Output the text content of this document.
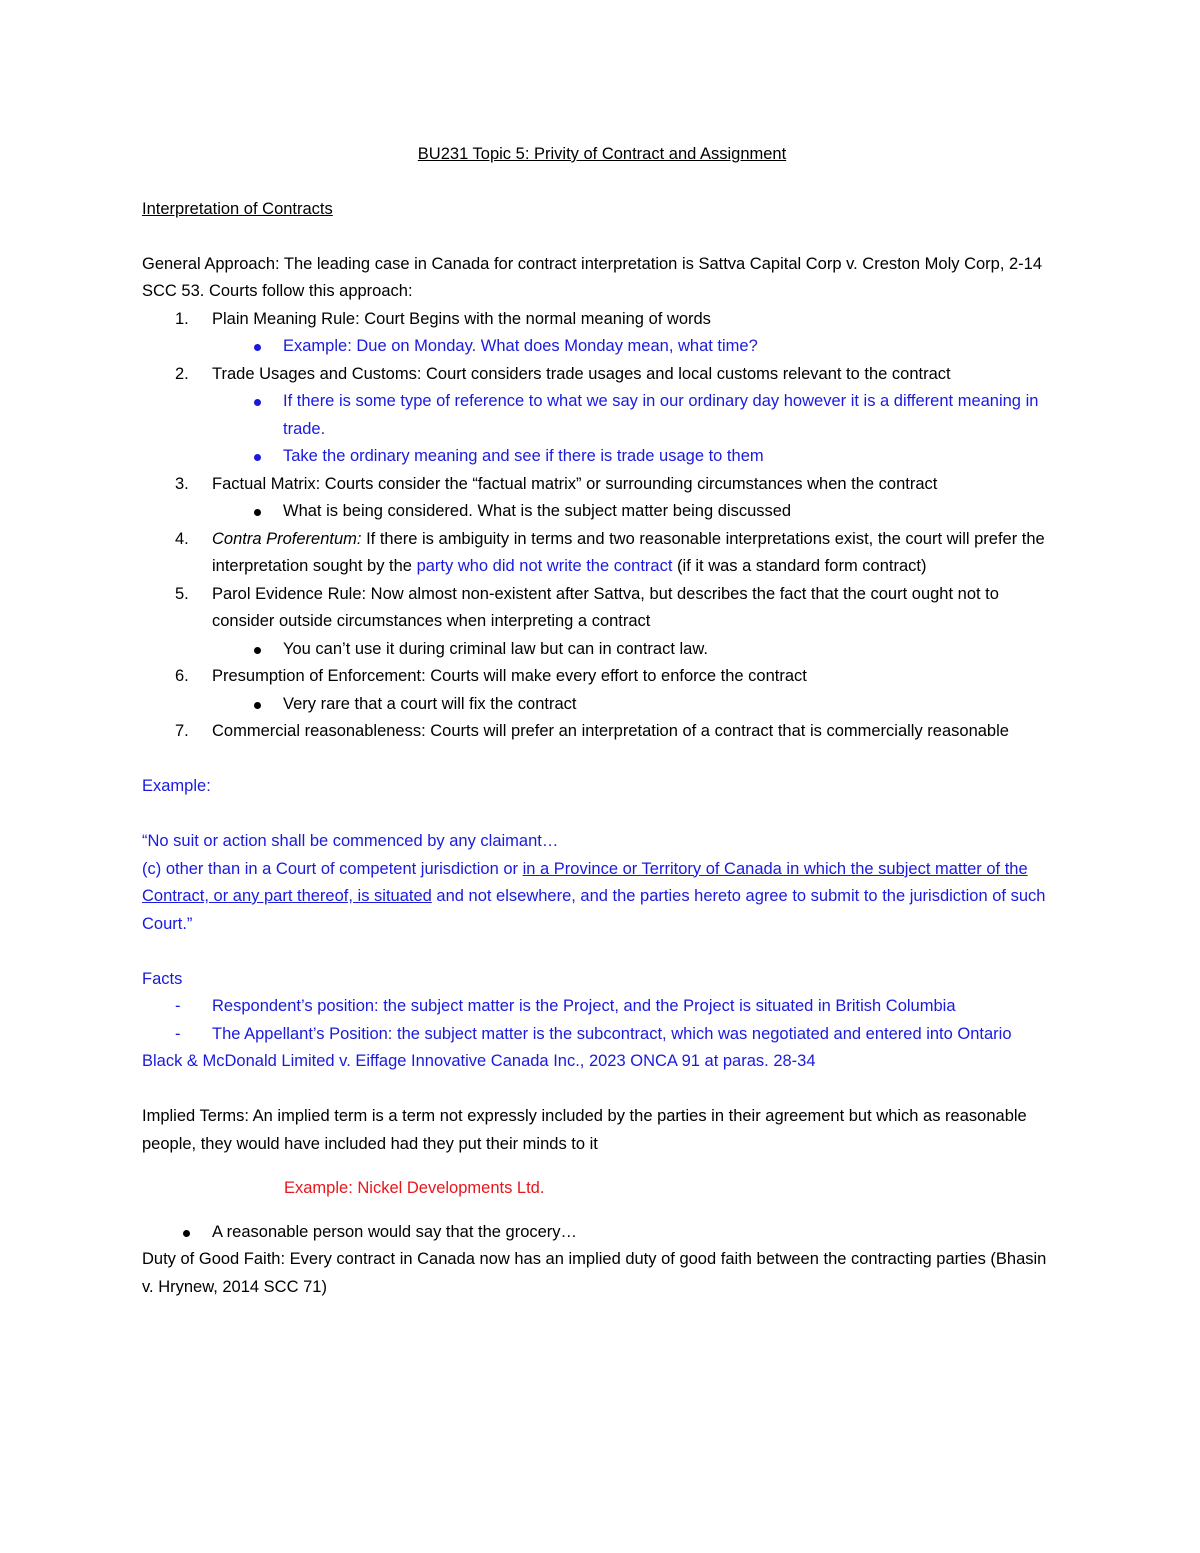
BU231 Topic 5: Privity of Contract and Assignment

Interpretation of Contracts

General Approach: The leading case in Canada for contract interpretation is Sattva Capital Corp v. Creston Moly Corp, 2-14 SCC 53. Courts follow this approach:

1. Plain Meaning Rule: Court Begins with the normal meaning of words
Example: Due on Monday. What does Monday mean, what time?
2. Trade Usages and Customs: Court considers trade usages and local customs relevant to the contract
If there is some type of reference to what we say in our ordinary day however it is a different meaning in trade.
Take the ordinary meaning and see if there is trade usage to them
3. Factual Matrix: Courts consider the “factual matrix” or surrounding circumstances when the contract
What is being considered. What is the subject matter being discussed
4. Contra Proferentum: If there is ambiguity in terms and two reasonable interpretations exist, the court will prefer the interpretation sought by the party who did not write the contract (if it was a standard form contract)
5. Parol Evidence Rule: Now almost non-existent after Sattva, but describes the fact that the court ought not to consider outside circumstances when interpreting a contract
You can’t use it during criminal law but can in contract law.
6. Presumption of Enforcement: Courts will make every effort to enforce the contract
Very rare that a court will fix the contract
7. Commercial reasonableness: Courts will prefer an interpretation of a contract that is commercially reasonable

Example:

“No suit or action shall be commenced by any claimant…

(c) other than in a Court of competent jurisdiction or in a Province or Territory of Canada in which the subject matter of the Contract, or any part thereof, is situated and not elsewhere, and the parties hereto agree to submit to the jurisdiction of such Court.”

Facts

- Respondent’s position: the subject matter is the Project, and the Project is situated in British Columbia
- The Appellant’s Position: the subject matter is the subcontract, which was negotiated and entered into Ontario

Black & McDonald Limited v. Eiffage Innovative Canada Inc., 2023 ONCA 91 at paras. 28-34

Implied Terms: An implied term is a term not expressly included by the parties in their agreement but which as reasonable people, they would have included had they put their minds to it

Example: Nickel Developments Ltd.

A reasonable person would say that the grocery…

Duty of Good Faith: Every contract in Canada now has an implied duty of good faith between the contracting parties (Bhasin v. Hrynew, 2014 SCC 71)
